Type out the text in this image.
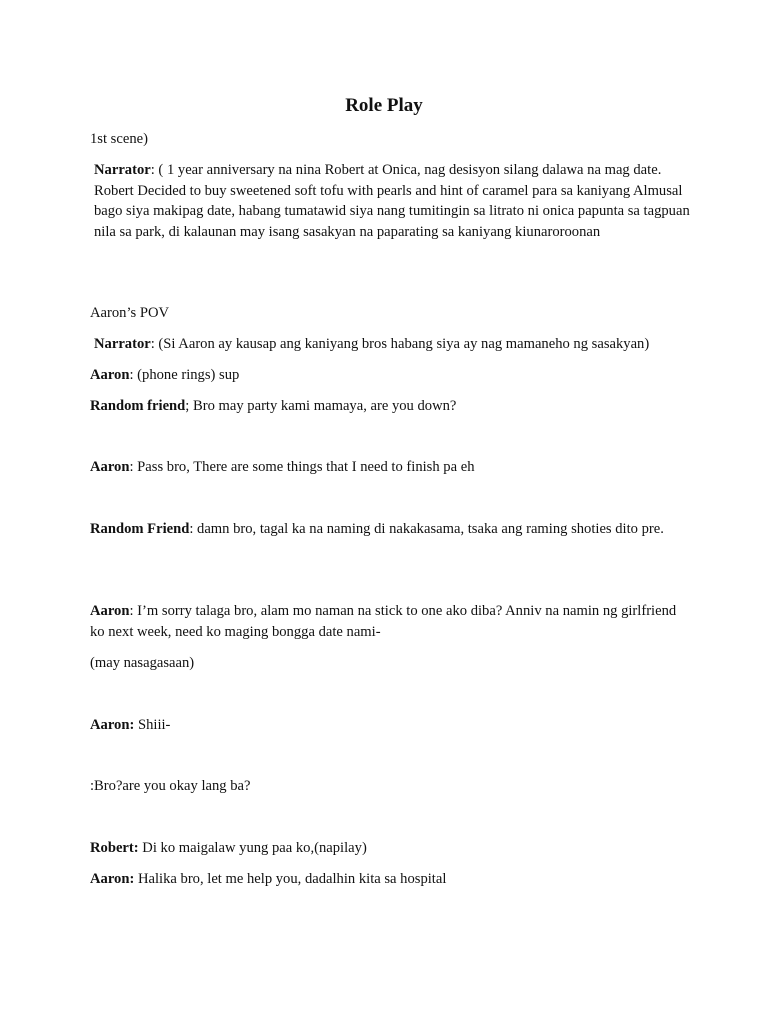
Role Play

1st scene)

Narrator: ( 1 year anniversary na nina Robert at Onica, nag desisyon silang dalawa na mag date. Robert Decided to buy sweetened soft tofu with pearls and hint of caramel para sa kaniyang Almusal bago siya makipag date, habang tumatawid siya nang tumitingin sa litrato ni onica papunta sa tagpuan nila sa park, di kalaunan may isang sasakyan na paparating sa kaniyang kiunaroroonan

Aaron’s POV

Narrator: (Si Aaron ay kausap ang kaniyang bros habang siya ay nag mamaneho ng sasakyan)

Aaron: (phone rings) sup

Random friend; Bro may party kami mamaya, are you down?

Aaron: Pass bro, There are some things that I need to finish pa eh

Random Friend: damn bro, tagal ka na naming di nakakasama, tsaka ang raming shoties dito pre.

Aaron: I’m sorry talaga bro, alam mo naman na stick to one ako diba? Anniv na namin ng girlfriend ko next week, need ko maging bongga date nami-

(may nasagasaan)

Aaron: Shiii-

:Bro?are you okay lang ba?

Robert: Di ko maigalaw yung paa ko,(napilay)

Aaron: Halika bro, let me help you, dadalhin kita sa hospital
